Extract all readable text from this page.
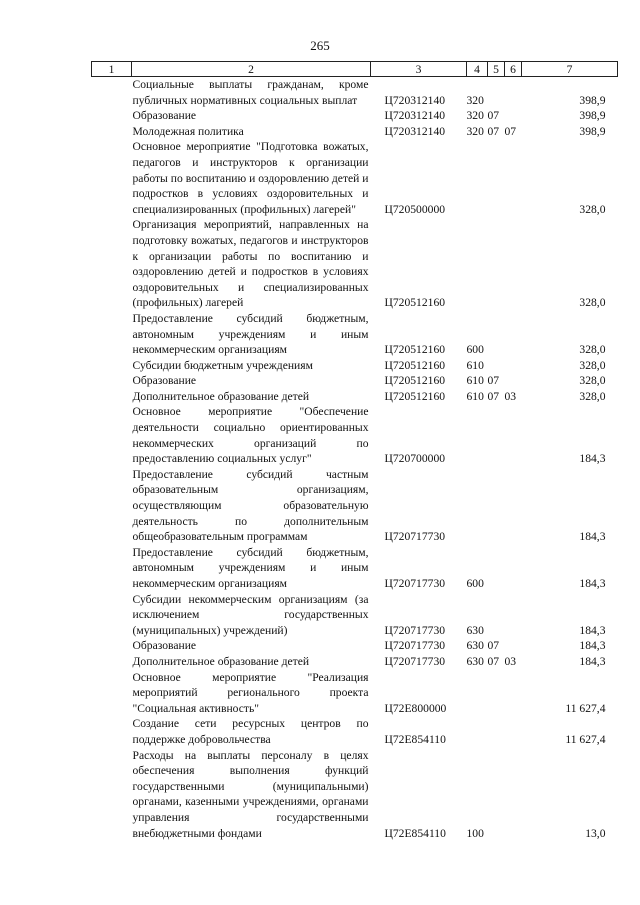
265
1	2	3	4	5	6	7
	Социальные выплаты гражданам, кроме публичных нормативных социальных выплат	Ц720312140	320			398,9
	Образование	Ц720312140	320	07		398,9
	Молодежная политика	Ц720312140	320	07	07	398,9
	Основное мероприятие "Подготовка вожатых, педагогов и инструкторов к организации работы по воспитанию и оздоровлению детей и подростков в условиях оздоровительных и специализированных (профильных) лагерей"	Ц720500000				328,0
	Организация мероприятий, направленных на подготовку вожатых, педагогов и инструкторов к организации работы по воспитанию и оздоровлению детей и подростков в условиях оздоровительных и специализированных (профильных) лагерей	Ц720512160				328,0
	Предоставление субсидий бюджетным, автономным учреждениям и иным некоммерческим организациям	Ц720512160	600			328,0
	Субсидии бюджетным учреждениям	Ц720512160	610			328,0
	Образование	Ц720512160	610	07		328,0
	Дополнительное образование детей	Ц720512160	610	07	03	328,0
	Основное мероприятие "Обеспечение деятельности социально ориентированных некоммерческих организаций по предоставлению социальных услуг"	Ц720700000				184,3
	Предоставление субсидий частным образовательным организациям, осуществляющим образовательную деятельность по дополнительным общеобразовательным программам	Ц720717730				184,3
	Предоставление субсидий бюджетным, автономным учреждениям и иным некоммерческим организациям	Ц720717730	600			184,3
	Субсидии некоммерческим организациям (за исключением государственных (муниципальных) учреждений)	Ц720717730	630			184,3
	Образование	Ц720717730	630	07		184,3
	Дополнительное образование детей	Ц720717730	630	07	03	184,3
	Основное мероприятие "Реализация мероприятий регионального проекта "Социальная активность"	Ц72Е800000				11 627,4
	Создание сети ресурсных центров по поддержке добровольчества	Ц72Е854110				11 627,4
	Расходы на выплаты персоналу в целях обеспечения выполнения функций государственными (муниципальными) органами, казенными учреждениями, органами управления государственными внебюджетными фондами	Ц72Е854110	100			13,0
